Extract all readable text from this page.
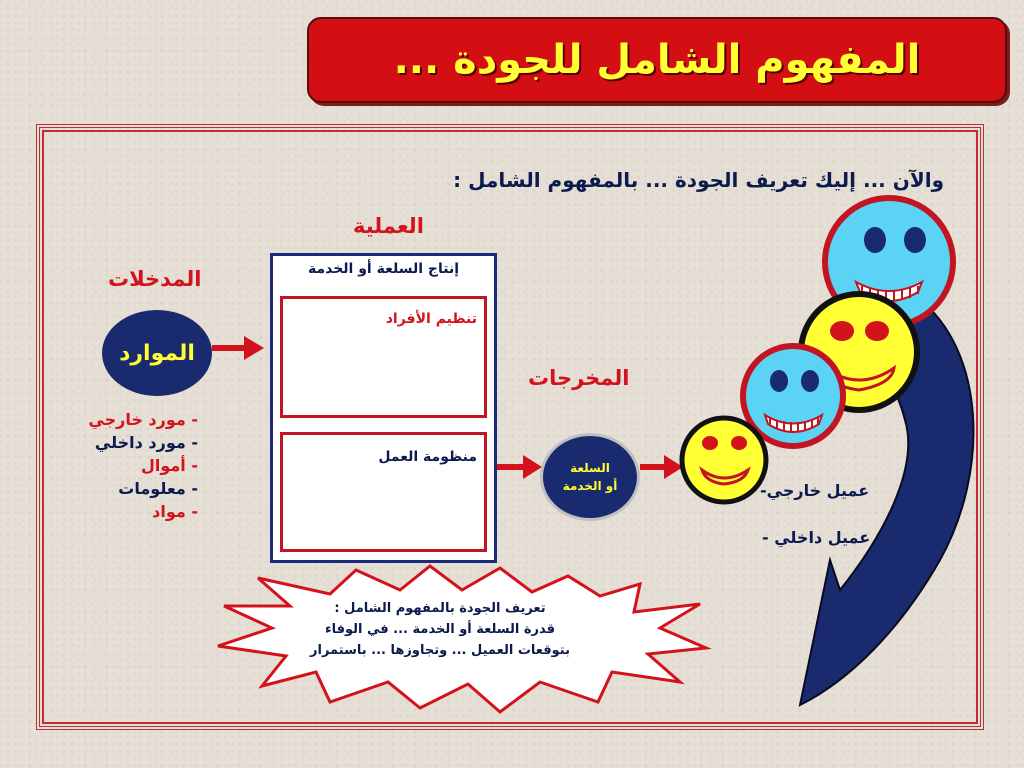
المفهوم الشامل للجودة ...
والآن ... إليك تعريف الجودة ... بالمفهوم الشامل :
العملية
المدخلات
المخرجات
إنتاج السلعة أو الخدمة
تنظيم الأفراد
منظومة العمل
الموارد
- مورد خارجي
- مورد داخلي
- أموال
- معلومات
- مواد
السلعة
أو الخدمة	عميل خارجي-
عميل داخلي -
تعريف الجودة بالمفهوم الشامل :
قدرة السلعة أو الخدمة ... في الوفاء
بتوقعات العميل ... وتجاوزها ... باستمرار
